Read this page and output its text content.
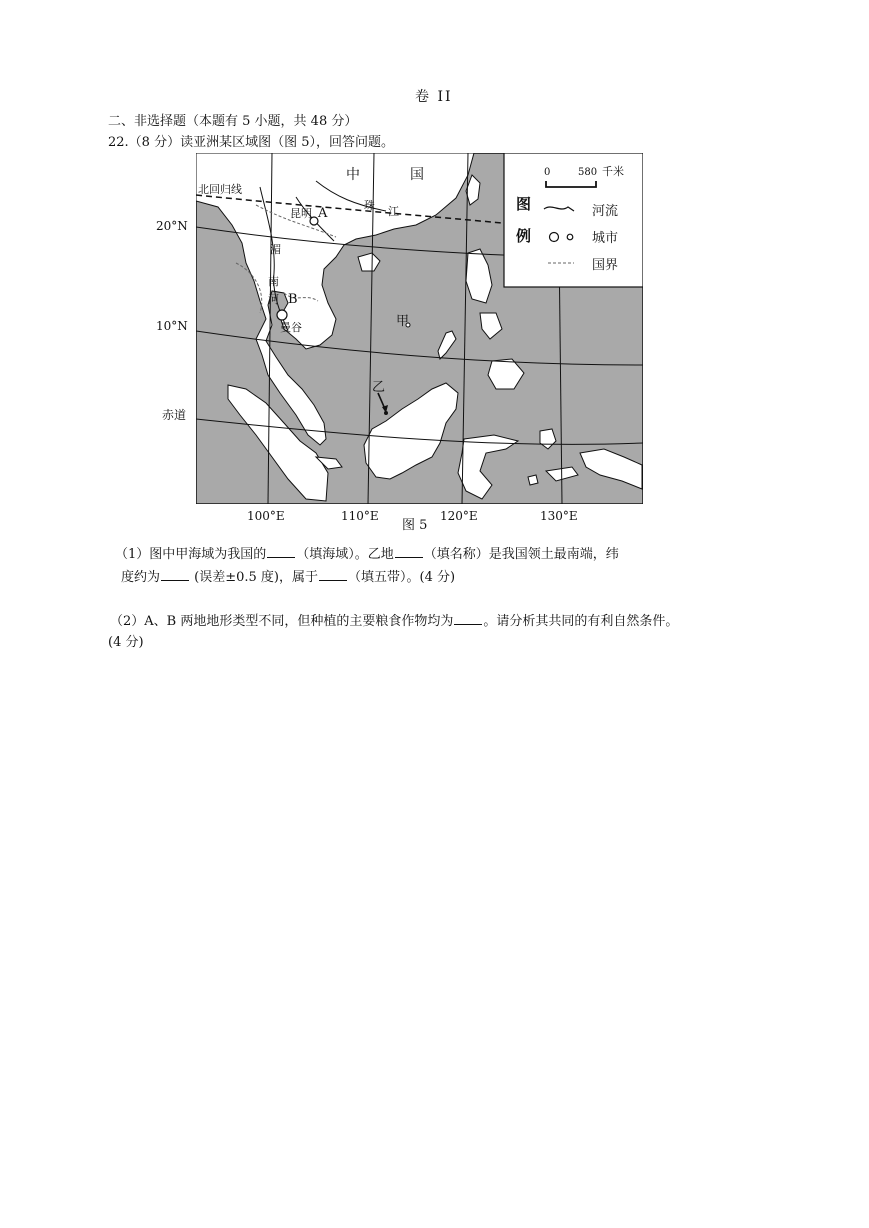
卷 II
二、非选择题（本题有 5 小题，共 48 分）
22.（8 分）读亚洲某区域图（图 5），回答问题。
中	国
北回归线
昆明 A
珠 江
湄
南
河 B
曼谷	甲
乙
图
例
0	580 千米
河流
城市
国界
20°N
10°N
赤道
100°E	110°E	120°E	130°E
图 5
（1）图中甲海域为我国的 （填海域）。乙地 （填名称）是我国领土最南端，纬
度约为 (误差±0.5 度)，属于 （填五带）。(4 分)
（2）A、B 两地地形类型不同，但种植的主要粮食作物均为 。请分析其共同的有利自然条件。
(4 分)
